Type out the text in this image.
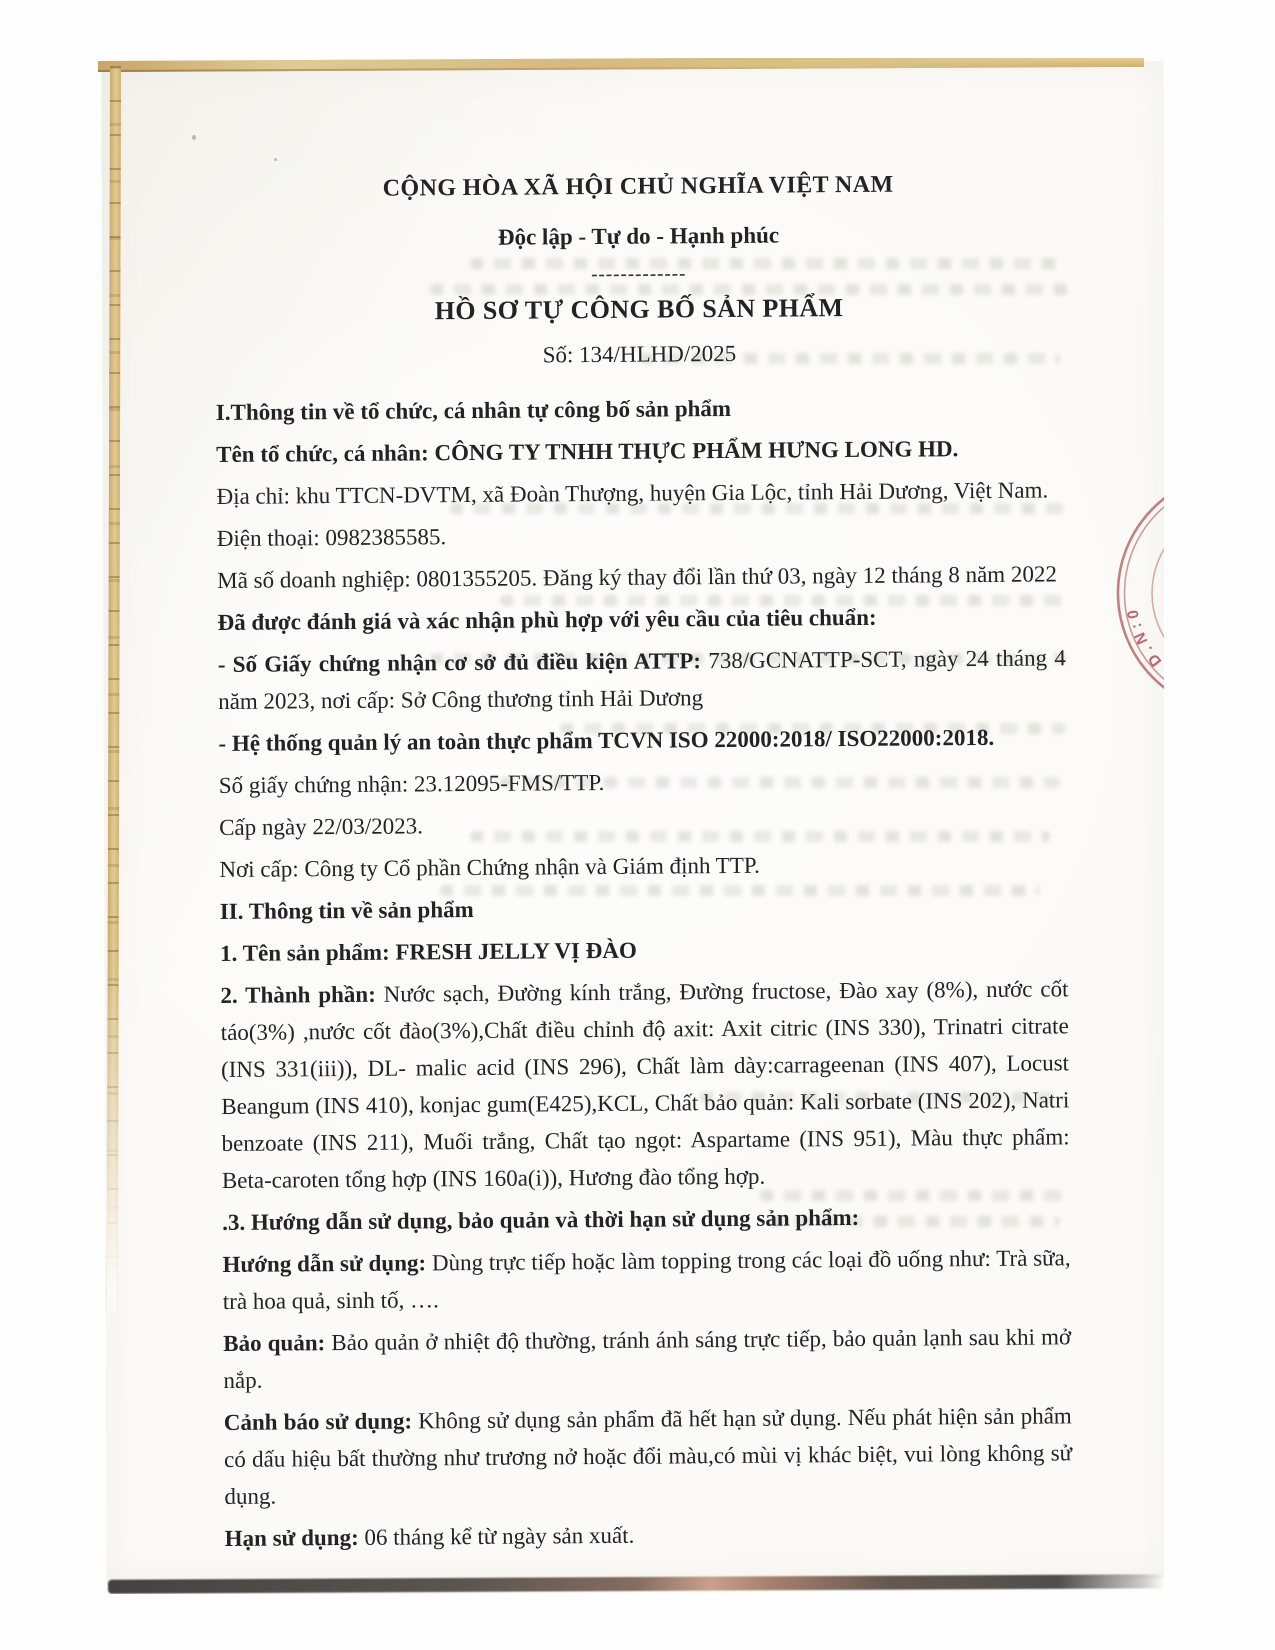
CỘNG HÒA XÃ HỘI CHỦ NGHĨA VIỆT NAM
Độc lập - Tự do - Hạnh phúc
-------------
HỒ SƠ TỰ CÔNG BỐ SẢN PHẨM
Số: 134/HLHD/2025

I.Thông tin về tổ chức, cá nhân tự công bố sản phẩm

Tên tổ chức, cá nhân: CÔNG TY TNHH THỰC PHẨM HƯNG LONG HD.

Địa chỉ: khu TTCN-DVTM, xã Đoàn Thượng, huyện Gia Lộc, tỉnh Hải Dương, Việt Nam.

Điện thoại: 0982385585.

Mã số doanh nghiệp: 0801355205. Đăng ký thay đổi lần thứ 03, ngày 12 tháng 8 năm 2022

Đã được đánh giá và xác nhận phù hợp với yêu cầu của tiêu chuẩn:

- Số Giấy chứng nhận cơ sở đủ điều kiện ATTP: 738/GCNATTP-SCT, ngày 24 tháng 4 năm 2023, nơi cấp: Sở Công thương tỉnh Hải Dương

- Hệ thống quản lý an toàn thực phẩm TCVN ISO 22000:2018/ ISO22000:2018.

Số giấy chứng nhận: 23.12095-FMS/TTP.

Cấp ngày 22/03/2023.

Nơi cấp: Công ty Cổ phần Chứng nhận và Giám định TTP.

II. Thông tin về sản phẩm

1. Tên sản phẩm: FRESH JELLY VỊ ĐÀO

2. Thành phần: Nước sạch, Đường kính trắng, Đường fructose, Đào xay (8%), nước cốt táo(3%) ,nước cốt đào(3%),Chất điều chỉnh độ axit: Axit citric (INS 330), Trinatri citrate (INS 331(iii)), DL- malic acid (INS 296), Chất làm dày:carrageenan (INS 407), Locust Beangum (INS 410), konjac gum(E425),KCL, Chất bảo quản: Kali sorbate (INS 202), Natri benzoate (INS 211), Muối trắng, Chất tạo ngọt: Aspartame (INS 951), Màu thực phẩm: Beta-caroten tổng hợp (INS 160a(i)), Hương đào tổng hợp.

.3. Hướng dẫn sử dụng, bảo quản và thời hạn sử dụng sản phẩm:

Hướng dẫn sử dụng: Dùng trực tiếp hoặc làm topping trong các loại đồ uống như: Trà sữa, trà hoa quả, sinh tố, ….

Bảo quản: Bảo quản ở nhiệt độ thường, tránh ánh sáng trực tiếp, bảo quản lạnh sau khi mở nắp.

Cảnh báo sử dụng: Không sử dụng sản phẩm đã hết hạn sử dụng. Nếu phát hiện sản phẩm có dấu hiệu bất thường như trương nở hoặc đổi màu,có mùi vị khác biệt, vui lòng không sử dụng.

Hạn sử dụng: 06 tháng kể từ ngày sản xuất.

M.S.D.N:0
